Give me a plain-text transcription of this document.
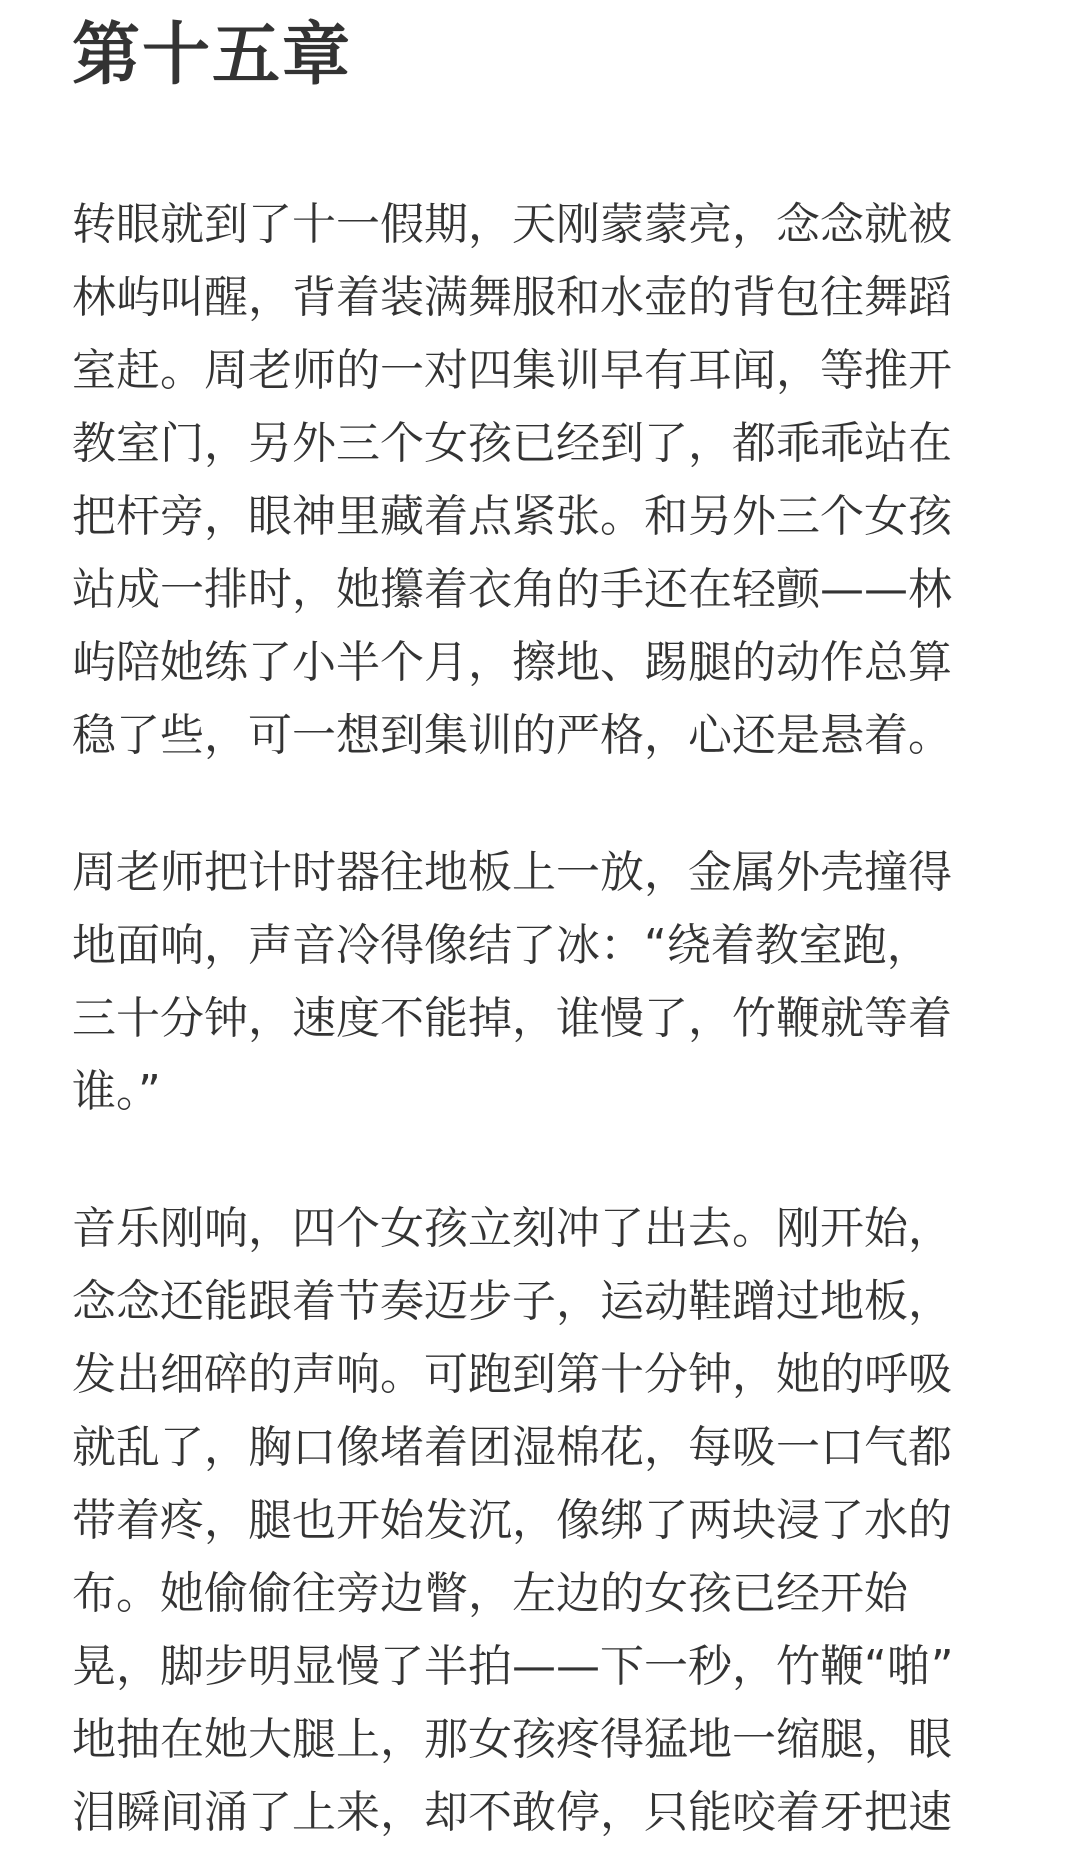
第十五章
转眼就到了十一假期，天刚蒙蒙亮，念念就被
林屿叫醒，背着装满舞服和水壶的背包往舞蹈
室赶。周老师的一对四集训早有耳闻，等推开
教室门，另外三个女孩已经到了，都乖乖站在
把杆旁，眼神里藏着点紧张。和另外三个女孩
站成一排时，她攥着衣角的手还在轻颤——林
屿陪她练了小半个月，擦地、踢腿的动作总算
稳了些，可一想到集训的严格，心还是悬着。
周老师把计时器往地板上一放，金属外壳撞得
地面响，声音冷得像结了冰：“绕着教室跑，
三十分钟，速度不能掉，谁慢了，竹鞭就等着
谁。”
音乐刚响，四个女孩立刻冲了出去。刚开始，
念念还能跟着节奏迈步子，运动鞋蹭过地板，
发出细碎的声响。可跑到第十分钟，她的呼吸
就乱了，胸口像堵着团湿棉花，每吸一口气都
带着疼，腿也开始发沉，像绑了两块浸了水的
布。她偷偷往旁边瞥，左边的女孩已经开始
晃，脚步明显慢了半拍——下一秒，竹鞭“啪”
地抽在她大腿上，那女孩疼得猛地一缩腿，眼
泪瞬间涌了上来，却不敢停，只能咬着牙把速
